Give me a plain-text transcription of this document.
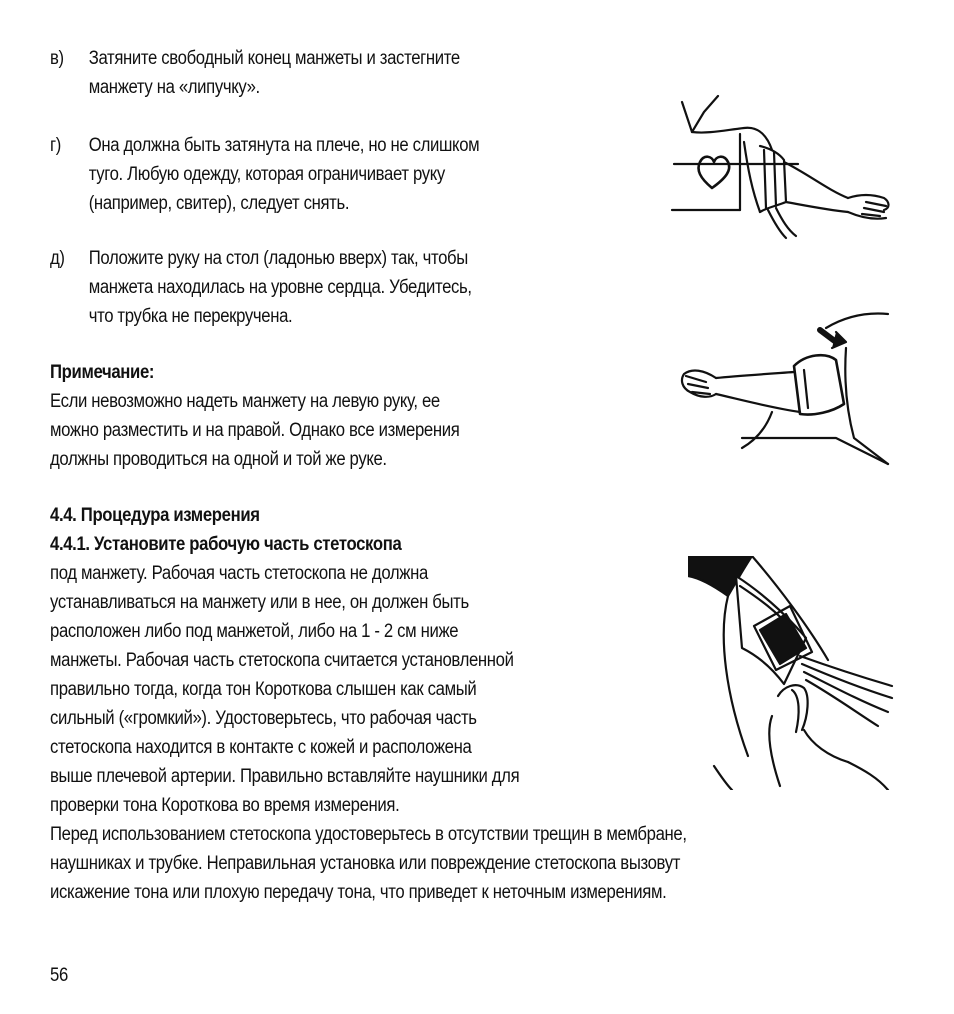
в)	Затяните свободный конец манжеты и застегните
манжету на «липучку».
г)	Она должна быть затянута на плече, но не слишком
туго. Любую одежду, которая ограничивает руку
(например, свитер), следует снять.
д)	Положите руку на стол (ладонью вверх) так, чтобы
манжета находилась на уровне сердца. Убедитесь,
что трубка не перекручена.
Примечание:
Если невозможно надеть манжету на левую руку, ее
можно разместить и на правой. Однако все измерения
должны проводиться на одной и той же руке.
4.4. Процедура измерения
4.4.1. Установите рабочую часть стетоскопа
под манжету. Рабочая часть стетоскопа не должна
устанавливаться на манжету или в нее, он должен быть
расположен либо под манжетой, либо на 1 - 2 см ниже
манжеты. Рабочая часть стетоскопа считается установленной
правильно тогда, когда тон Короткова слышен как самый
сильный («громкий»). Удостоверьтесь, что рабочая часть
стетоскопа находится в контакте с кожей и расположена
выше плечевой артерии. Правильно вставляйте наушники для
проверки тона Короткова во время измерения.
Перед использованием стетоскопа удостоверьтесь в отсутствии трещин в мембране,
наушниках и трубке. Неправильная установка или повреждение стетоскопа вызовут
искажение тона или плохую передачу тона, что приведет к неточным измерениям.
56
